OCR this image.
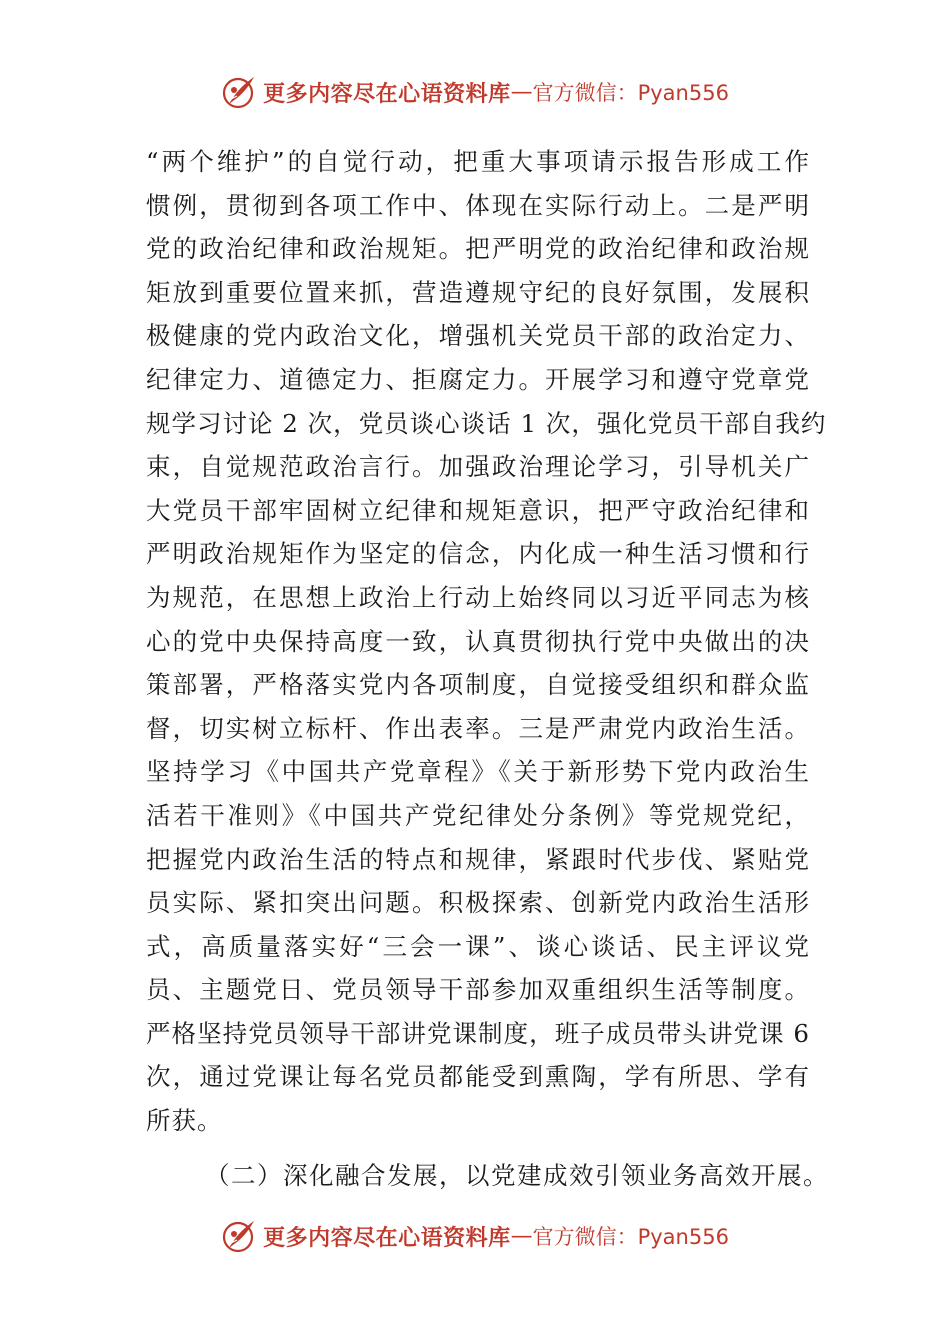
更多内容尽在心语资料库 — 官方微信：Pyan556
“两个维护”的自觉行动，把重大事项请示报告形成工作
惯例，贯彻到各项工作中、体现在实际行动上。二是严明
党的政治纪律和政治规矩。把严明党的政治纪律和政治规
矩放到重要位置来抓，营造遵规守纪的良好氛围，发展积
极健康的党内政治文化，增强机关党员干部的政治定力、
纪律定力、道德定力、拒腐定力。开展学习和遵守党章党
规学习讨论 2 次，党员谈心谈话 1 次，强化党员干部自我约
束，自觉规范政治言行。加强政治理论学习，引导机关广
大党员干部牢固树立纪律和规矩意识，把严守政治纪律和
严明政治规矩作为坚定的信念，内化成一种生活习惯和行
为规范，在思想上政治上行动上始终同以习近平同志为核
心的党中央保持高度一致，认真贯彻执行党中央做出的决
策部署，严格落实党内各项制度，自觉接受组织和群众监
督，切实树立标杆、作出表率。三是严肃党内政治生活。
坚持学习《中国共产党章程》《关于新形势下党内政治生
活若干准则》《中国共产党纪律处分条例》等党规党纪，
把握党内政治生活的特点和规律，紧跟时代步伐、紧贴党
员实际、紧扣突出问题。积极探索、创新党内政治生活形
式，高质量落实好“三会一课”、谈心谈话、民主评议党
员、主题党日、党员领导干部参加双重组织生活等制度。
严格坚持党员领导干部讲党课制度，班子成员带头讲党课 6
次，通过党课让每名党员都能受到熏陶，学有所思、学有
所获。
（二）深化融合发展，以党建成效引领业务高效开展。
更多内容尽在心语资料库 — 官方微信：Pyan556
